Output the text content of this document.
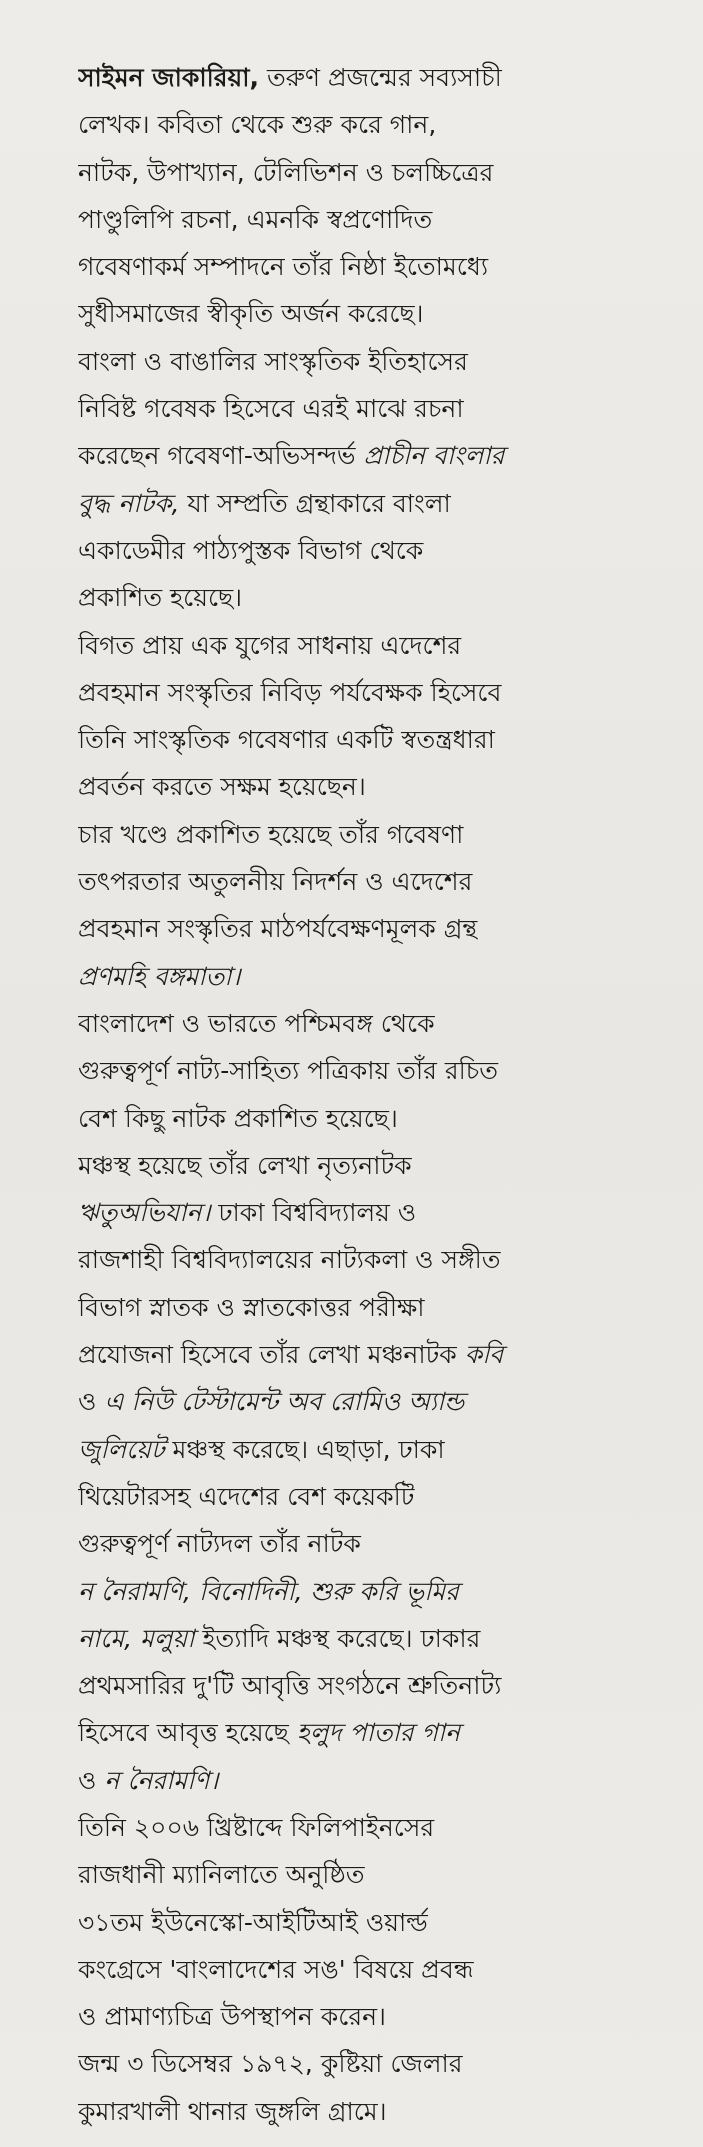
সাইমন জাকারিয়া, তরুণ প্রজন্মের সব্যসাচী
লেখক। কবিতা থেকে শুরু করে গান,
নাটক, উপাখ্যান, টেলিভিশন ও চলচ্চিত্রের
পাণ্ডুলিপি রচনা, এমনকি স্বপ্রণোদিত
গবেষণাকর্ম সম্পাদনে তাঁর নিষ্ঠা ইতোমধ্যে
সুধীসমাজের স্বীকৃতি অর্জন করেছে।

বাংলা ও বাঙালির সাংস্কৃতিক ইতিহাসের
নিবিষ্ট গবেষক হিসেবে এরই মাঝে রচনা
করেছেন গবেষণা-অভিসন্দর্ভ প্রাচীন বাংলার
বুদ্ধ নাটক, যা সম্প্রতি গ্রন্থাকারে বাংলা
একাডেমীর পাঠ্যপুস্তক বিভাগ থেকে
প্রকাশিত হয়েছে।

বিগত প্রায় এক যুগের সাধনায় এদেশের
প্রবহমান সংস্কৃতির নিবিড় পর্যবেক্ষক হিসেবে
তিনি সাংস্কৃতিক গবেষণার একটি স্বতন্ত্রধারা
প্রবর্তন করতে সক্ষম হয়েছেন।

চার খণ্ডে প্রকাশিত হয়েছে তাঁর গবেষণা
তৎপরতার অতুলনীয় নিদর্শন ও এদেশের
প্রবহমান সংস্কৃতির মাঠপর্যবেক্ষণমূলক গ্রন্থ
প্রণমহি বঙ্গমাতা।

বাংলাদেশ ও ভারতে পশ্চিমবঙ্গ থেকে
গুরুত্বপূর্ণ নাট্য-সাহিত্য পত্রিকায় তাঁর রচিত
বেশ কিছু নাটক প্রকাশিত হয়েছে।

মঞ্চস্থ হয়েছে তাঁর লেখা নৃত্যনাটক
ঋতুঅভিযান। ঢাকা বিশ্ববিদ্যালয় ও
রাজশাহী বিশ্ববিদ্যালয়ের নাট্যকলা ও সঙ্গীত
বিভাগ স্নাতক ও স্নাতকোত্তর পরীক্ষা
প্রযোজনা হিসেবে তাঁর লেখা মঞ্চনাটক কবি
ও এ নিউ টেস্টামেন্ট অব রোমিও অ্যান্ড
জুলিয়েট মঞ্চস্থ করেছে। এছাড়া, ঢাকা
থিয়েটারসহ এদেশের বেশ কয়েকটি
গুরুত্বপূর্ণ নাট্যদল তাঁর নাটক
ন নৈরামণি, বিনোদিনী, শুরু করি ভূমির
নামে, মলুয়া ইত্যাদি মঞ্চস্থ করেছে। ঢাকার
প্রথমসারির দু'টি আবৃত্তি সংগঠনে শ্রুতিনাট্য
হিসেবে আবৃত্ত হয়েছে হলুদ পাতার গান
ও ন নৈরামণি।

তিনি ২০০৬ খ্রিষ্টাব্দে ফিলিপাইনসের
রাজধানী ম্যানিলাতে অনুষ্ঠিত
৩১তম ইউনেস্কো-আইটিআই ওয়ার্ল্ড
কংগ্রেসে 'বাংলাদেশের সঙ' বিষয়ে প্রবন্ধ
ও প্রামাণ্যচিত্র উপস্থাপন করেন।

জন্ম ৩ ডিসেম্বর ১৯৭২, কুষ্টিয়া জেলার
কুমারখালী থানার জুঙ্গলি গ্রামে।
